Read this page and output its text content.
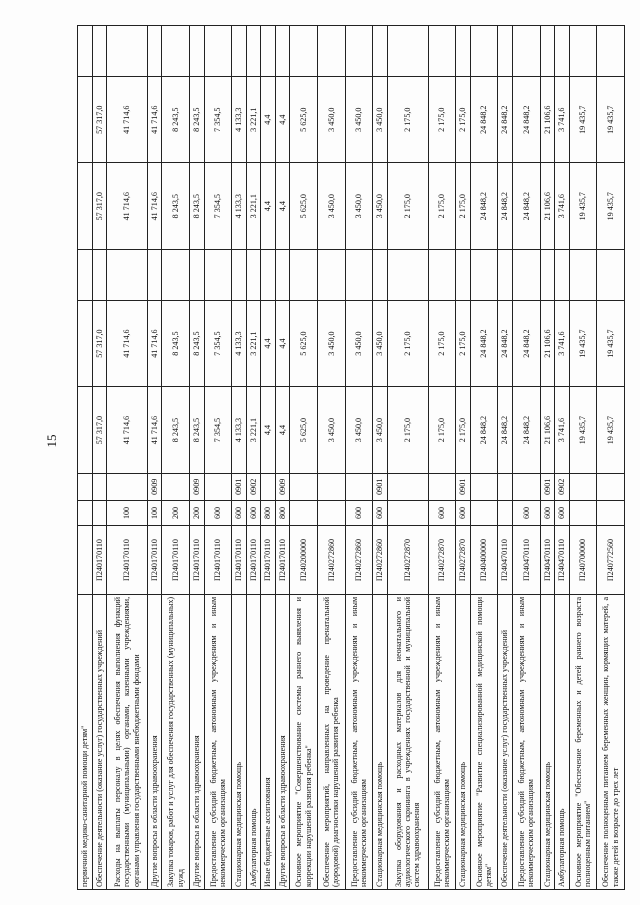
15
первичной медико-санитарной помощи детям"									
Обеспечение деятельности (оказание услуг) государственных учреждений	П240170110			57 317,0	57 317,0		57 317,0	57 317,0	
Расходы на выплаты персоналу в целях обеспечения выполнения функций государственными (муниципальными) органами, казенными учреждениями, органами управления государственными внебюджетными фондами	П240170110	100		41 714,6	41 714,6		41 714,6	41 714,6	
Другие вопросы в области здравоохранения	П240170110	100	0909	41 714,6	41 714,6		41 714,6	41 714,6	
Закупка товаров, работ и услуг для обеспечения государственных (муниципальных) нужд	П240170110	200		8 243,5	8 243,5		8 243,5	8 243,5	
Другие вопросы в области здравоохранения	П240170110	200	0909	8 243,5	8 243,5		8 243,5	8 243,5	
Предоставление субсидий бюджетным, автономным учреждениям и иным некоммерческим организациям	П240170110	600		7 354,5	7 354,5		7 354,5	7 354,5	
Стационарная медицинская помощь	П240170110	600	0901	4 133,3	4 133,3		4 133,3	4 133,3	
Амбулаторная помощь	П240170110	600	0902	3 221,1	3 221,1		3 221,1	3 221,1	
Иные бюджетные ассигнования	П240170110	800		4,4	4,4		4,4	4,4	
Другие вопросы в области здравоохранения	П240170110	800	0909	4,4	4,4		4,4	4,4	
Основное мероприятие "Совершенствование системы раннего выявления и коррекции нарушений развития ребенка"	П240200000			5 625,0	5 625,0		5 625,0	5 625,0	
Обеспечение мероприятий, направленных на проведение пренатальной (дородовой) диагностики нарушений развития ребенка	П240272860			3 450,0	3 450,0		3 450,0	3 450,0	
Предоставление субсидий бюджетным, автономным учреждениям и иным некоммерческим организациям	П240272860	600		3 450,0	3 450,0		3 450,0	3 450,0	
Стационарная медицинская помощь	П240272860	600	0901	3 450,0	3 450,0		3 450,0	3 450,0	
Закупка оборудования и расходных материалов для неонатального и аудиологического скрининга в учреждениях государственной и муниципальной систем здравоохранения	П240272870			2 175,0	2 175,0		2 175,0	2 175,0	
Предоставление субсидий бюджетным, автономным учреждениям и иным некоммерческим организациям	П240272870	600		2 175,0	2 175,0		2 175,0	2 175,0	
Стационарная медицинская помощь	П240272870	600	0901	2 175,0	2 175,0		2 175,0	2 175,0	
Основное мероприятие "Развитие специализированной медицинской помощи детям"	П240400000			24 848,2	24 848,2		24 848,2	24 848,2	
Обеспечение деятельности (оказание услуг) государственных учреждений	П240470110			24 848,2	24 848,2		24 848,2	24 848,2	
Предоставление субсидий бюджетным, автономным учреждениям и иным некоммерческим организациям	П240470110	600		24 848,2	24 848,2		24 848,2	24 848,2	
Стационарная медицинская помощь	П240470110	600	0901	21 106,6	21 106,6		21 106,6	21 106,6	
Амбулаторная помощь	П240470110	600	0902	3 741,6	3 741,6		3 741,6	3 741,6	
Основное мероприятие "Обеспечение беременных и детей раннего возраста полноценным питанием"	П240700000			19 435,7	19 435,7		19 435,7	19 435,7	
Обеспечение полноценным питанием беременных женщин, кормящих матерей, а также детей в возрасте до трех лет	П240772560			19 435,7	19 435,7		19 435,7	19 435,7	
